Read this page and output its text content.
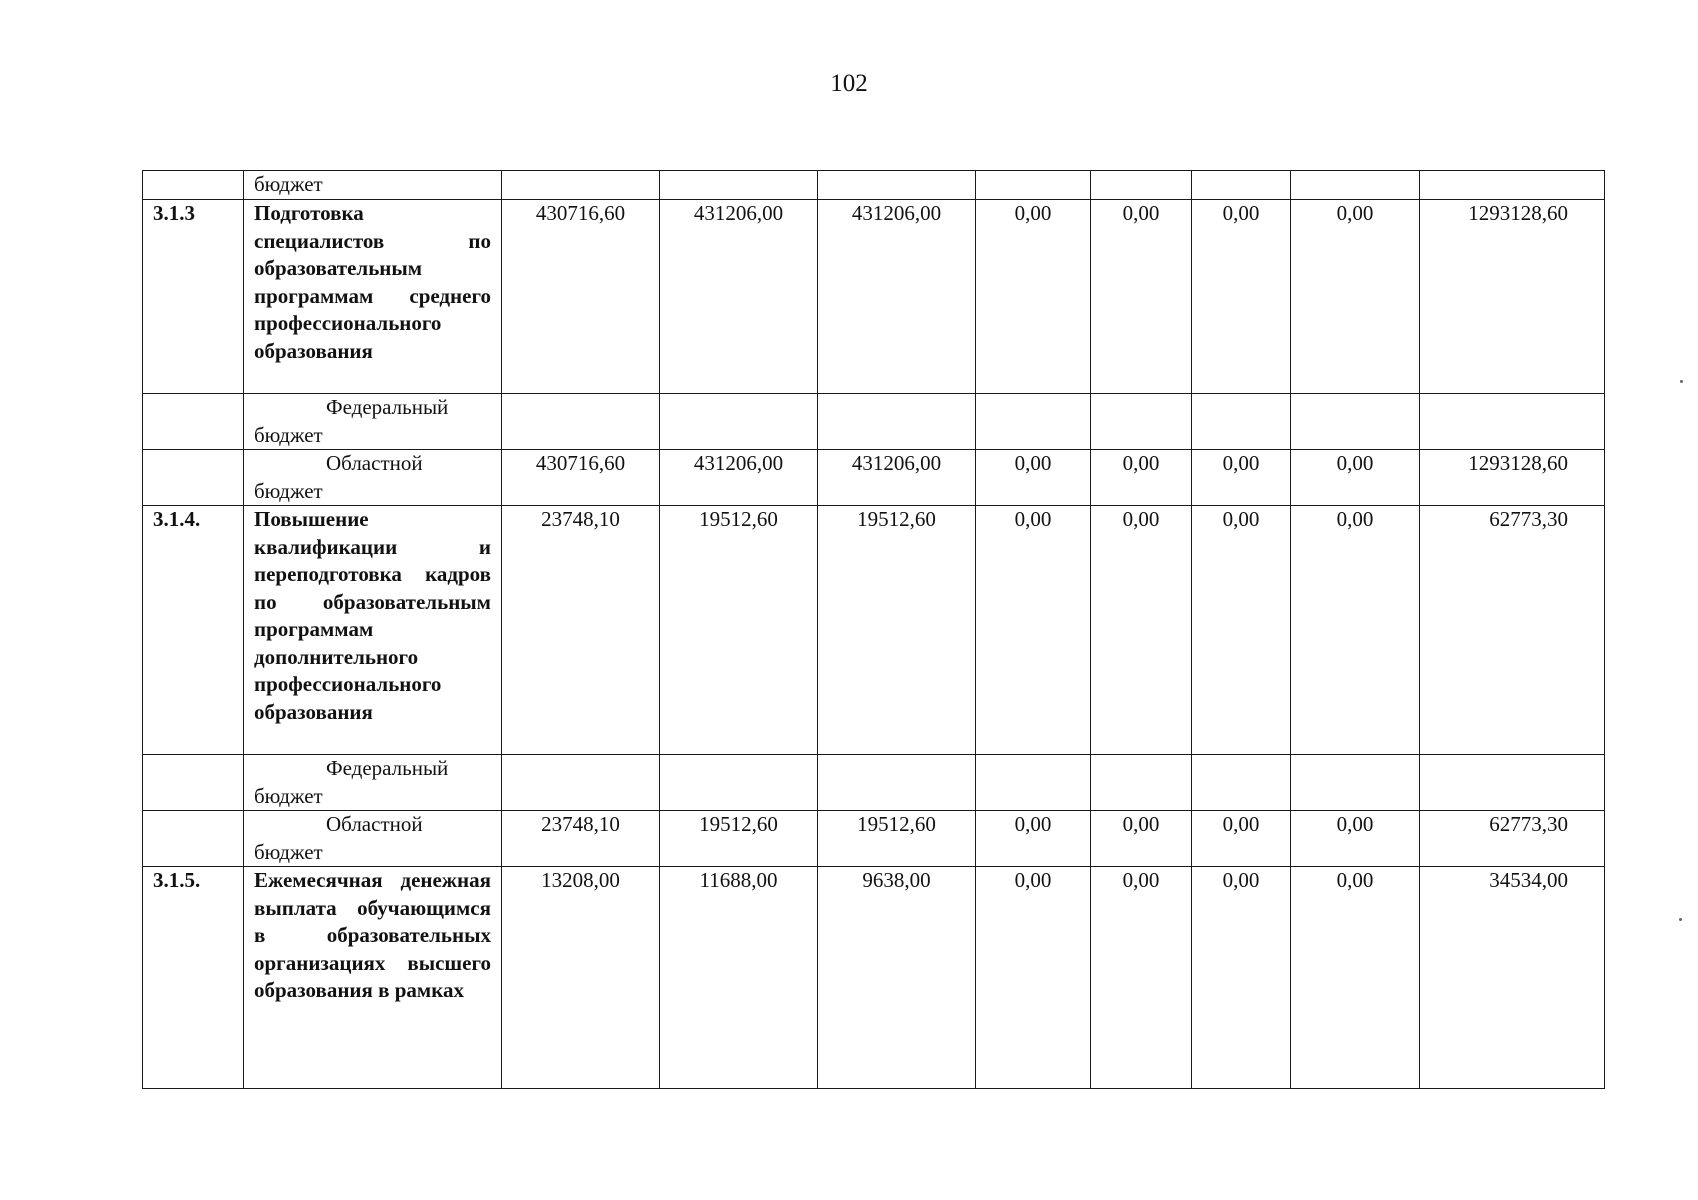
102
	бюджет								
3.1.3	Подготовка специалистов по образовательным программам среднего профессионального образования	430716,60	431206,00	431206,00	0,00	0,00	0,00	0,00	1293128,60
	Федеральный бюджет								
	Областной бюджет	430716,60	431206,00	431206,00	0,00	0,00	0,00	0,00	1293128,60
3.1.4.	Повышение квалификации и переподготовка кадров по образовательным программам дополнительного профессионального образования	23748,10	19512,60	19512,60	0,00	0,00	0,00	0,00	62773,30
	Федеральный бюджет								
	Областной бюджет	23748,10	19512,60	19512,60	0,00	0,00	0,00	0,00	62773,30
3.1.5.	Ежемесячная денежная выплата обучающимся в образовательных организациях высшего образования в рамках	13208,00	11688,00	9638,00	0,00	0,00	0,00	0,00	34534,00
